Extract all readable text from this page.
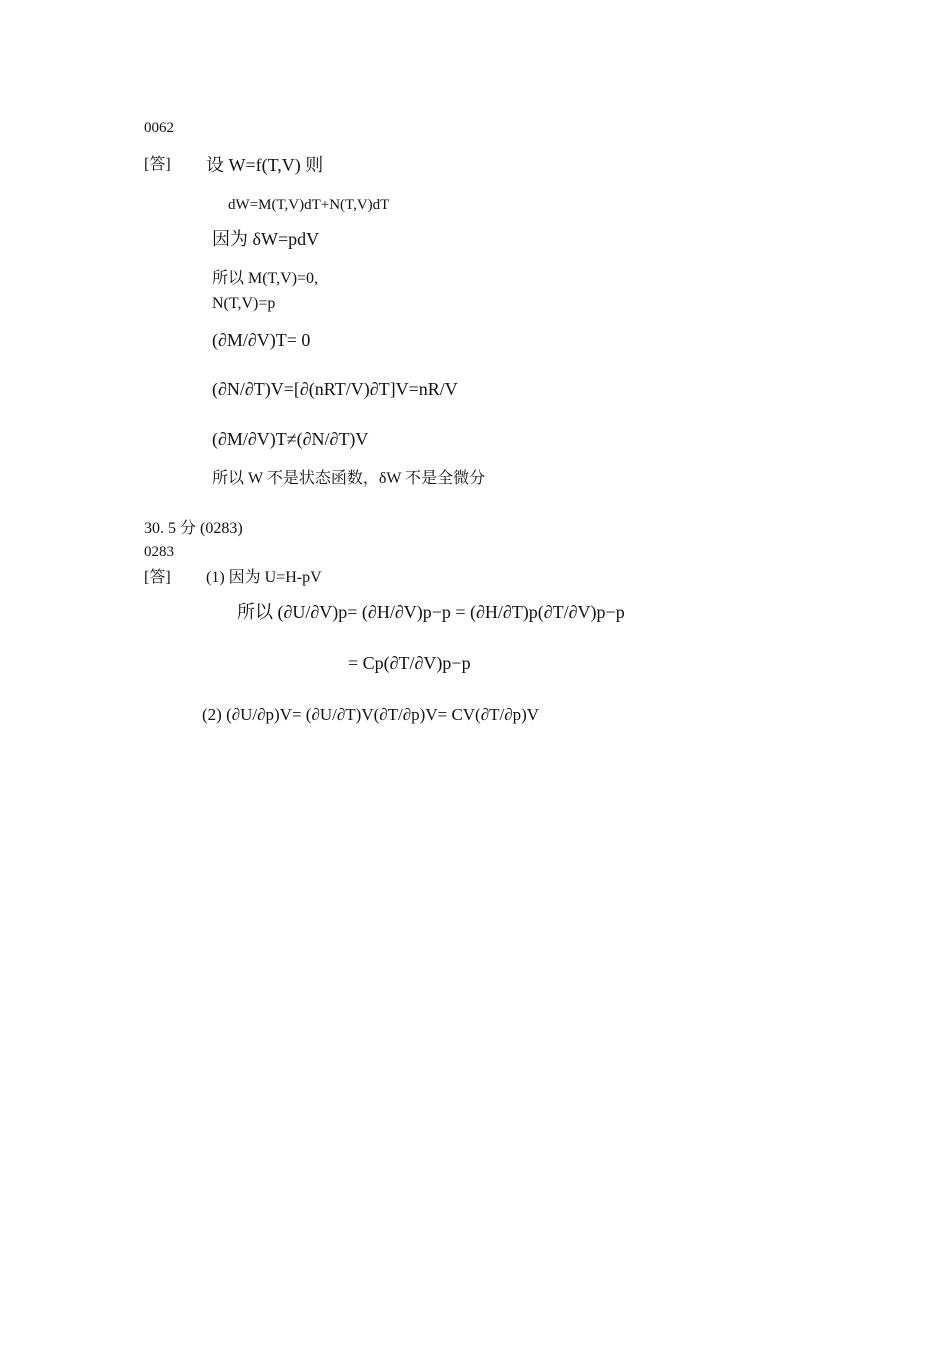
0062
[答] 设 W=f(T,V) 则
dW=M(T,V)dT+N(T,V)dT
因为 δW=pdV
所以 M(T,V)=0,
N(T,V)=p
(∂M/∂V)T= 0
(∂N/∂T)V=[∂(nRT/V)∂T]V=nR/V
(∂M/∂V)T≠(∂N/∂T)V
所以 W 不是状态函数，δW 不是全微分
30. 5 分 (0283)
0283
[答] (1) 因为 U=H-pV
所以 (∂U/∂V)p= (∂H/∂V)p−p = (∂H/∂T)p(∂T/∂V)p−p
= Cp(∂T/∂V)p−p
(2) (∂U/∂p)V= (∂U/∂T)V(∂T/∂p)V= CV(∂T/∂p)V
